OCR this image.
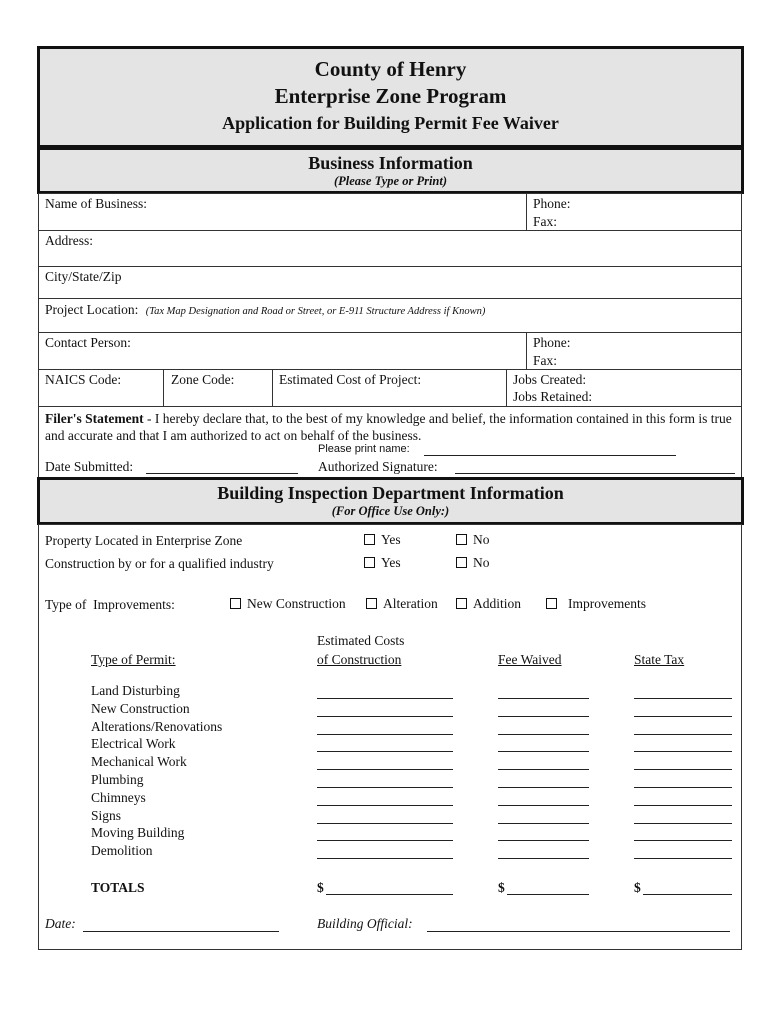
County of Henry
Enterprise Zone Program
Application for Building Permit Fee Waiver
Business Information
(Please Type or Print)
Name of Business:	Phone:
Fax:
Address:
City/State/Zip
Project Location: (Tax Map Designation and Road or Street, or E-911 Structure Address if Known)
Contact Person:	Phone:
Fax:
NAICS Code:	Zone Code:	Estimated Cost of Project:	Jobs Created:
Jobs Retained:
Filer's Statement - I hereby declare that, to the best of my knowledge and belief, the information contained in this form is true and accurate and that I am authorized to act on behalf of the business.
Please print name:
Date Submitted:	Authorized Signature:
Building Inspection Department Information
(For Office Use Only:)
Property Located in Enterprise Zone	Yes	No
Construction by or for a qualified industry	Yes	No
Type of  Improvements:	New Construction	Alteration	Addition	Improvements
Type of Permit:
Estimated Costs
of Construction	Fee Waived	State Tax
Land Disturbing
New Construction
Alterations/Renovations
Electrical Work
Mechanical Work
Plumbing
Chimneys
Signs
Moving Building
Demolition
TOTALS	$	$	$
Date:	Building Official:
